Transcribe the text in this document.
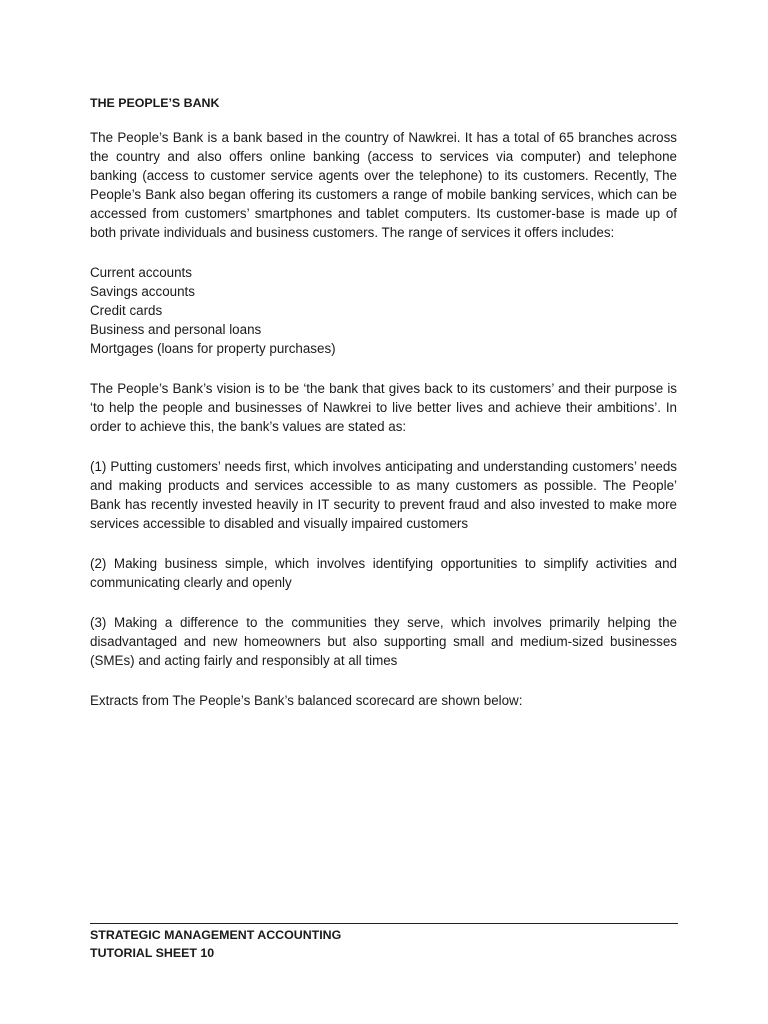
THE PEOPLE’S BANK

The People’s Bank is a bank based in the country of Nawkrei. It has a total of 65 branches across the country and also offers online banking (access to services via computer) and telephone banking (access to customer service agents over the telephone) to its customers. Recently, The People’s Bank also began offering its customers a range of mobile banking services, which can be accessed from customers’ smartphones and tablet computers. Its customer-base is made up of both private individuals and business customers. The range of services it offers includes:

Current accounts
Savings accounts
Credit cards
Business and personal loans
Mortgages (loans for property purchases)

The People’s Bank’s vision is to be ‘the bank that gives back to its customers’ and their purpose is ‘to help the people and businesses of Nawkrei to live better lives and achieve their ambitions’. In order to achieve this, the bank’s values are stated as:

(1) Putting customers’ needs first, which involves anticipating and understanding customers’ needs and making products and services accessible to as many customers as possible. The People’ Bank has recently invested heavily in IT security to prevent fraud and also invested to make more services accessible to disabled and visually impaired customers

(2) Making business simple, which involves identifying opportunities to simplify activities and communicating clearly and openly

(3) Making a difference to the communities they serve, which involves primarily helping the disadvantaged and new homeowners but also supporting small and medium-sized businesses (SMEs) and acting fairly and responsibly at all times

Extracts from The People’s Bank’s balanced scorecard are shown below:

STRATEGIC MANAGEMENT ACCOUNTING
TUTORIAL SHEET 10
